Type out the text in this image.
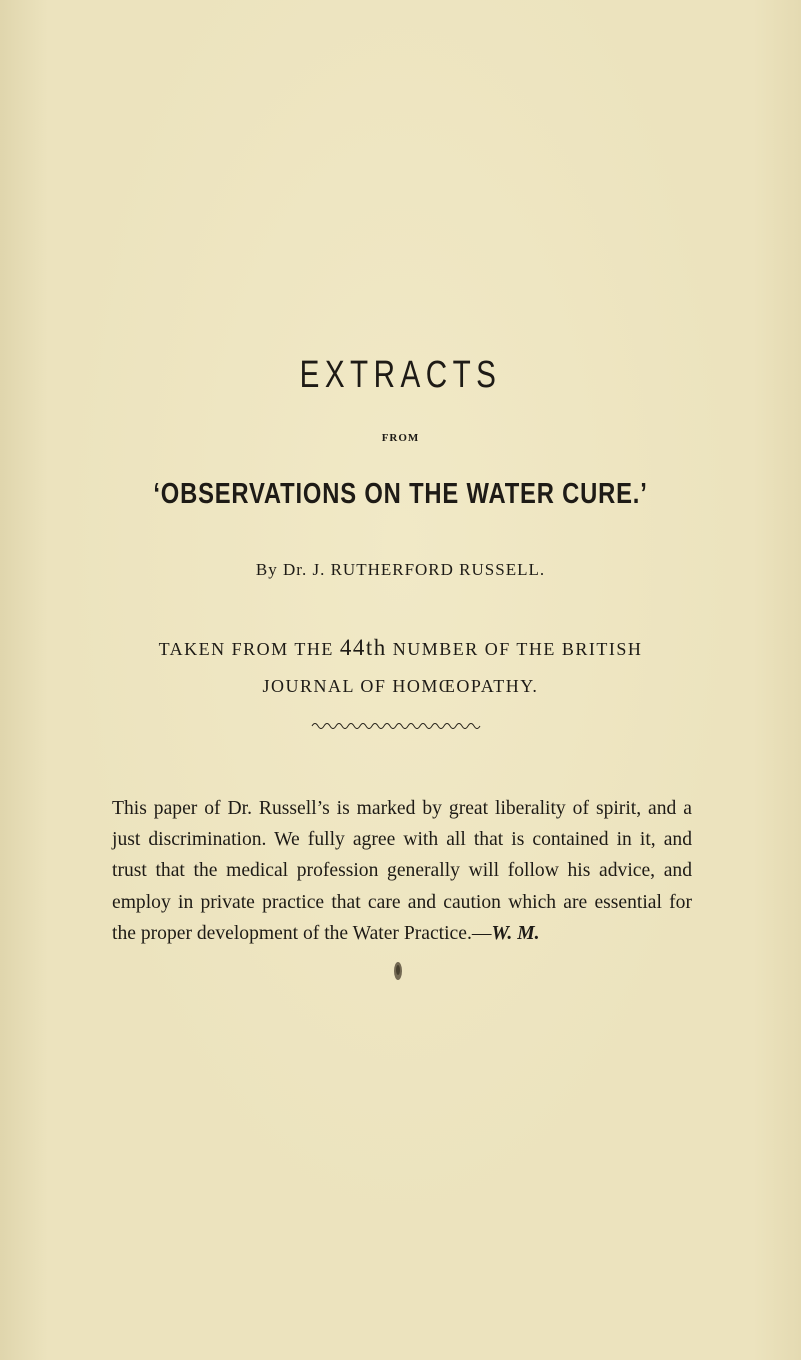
EXTRACTS
FROM
‘OBSERVATIONS ON THE WATER CURE.’
By Dr. J. RUTHERFORD RUSSELL.
TAKEN FROM THE 44th NUMBER OF THE BRITISH
JOURNAL OF HOMŒOPATHY.
This paper of Dr. Russell’s is marked by great liberality of spirit, and a just discrimination. We fully agree with all that is contained in it, and trust that the medical profession generally will follow his advice, and employ in private practice that care and caution which are essential for the proper development of the Water Practice.—W. M.
